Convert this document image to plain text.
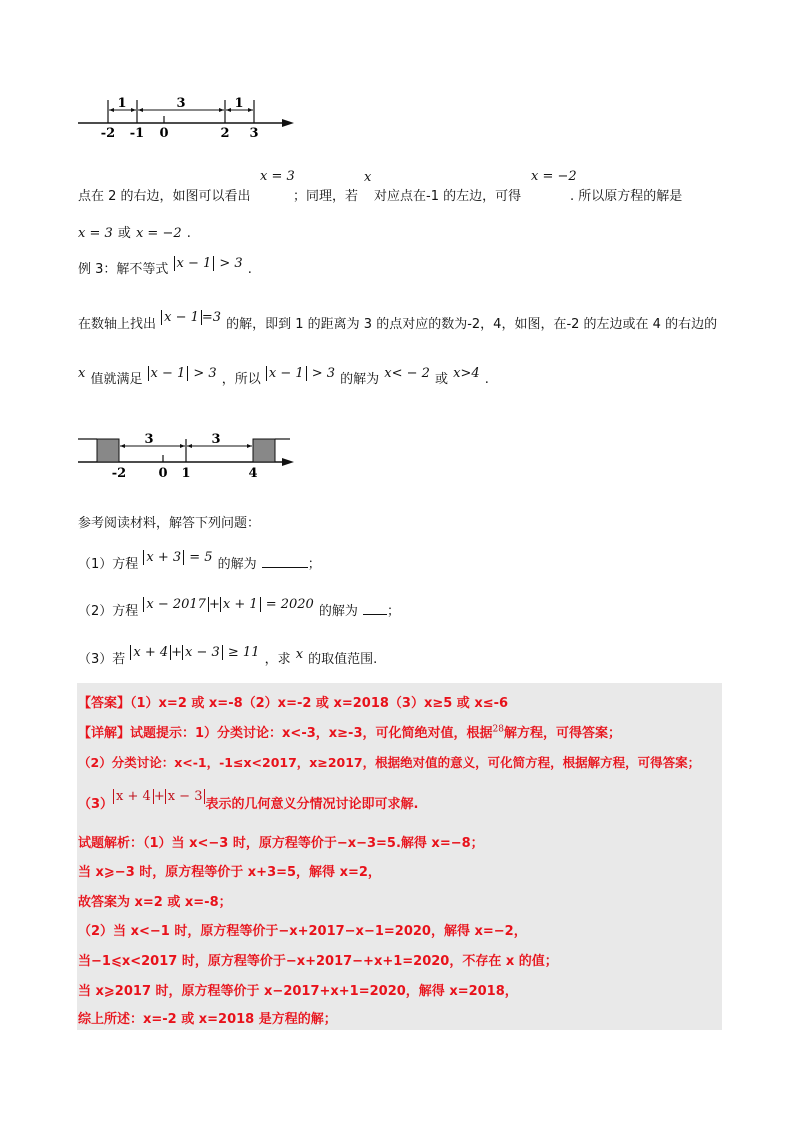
1	3	1
-2 -1 0	2 3
点在 2 的右边，如图可以看出
x = 3
；同理，若
x
对应点在-1 的左边，可得
x = −2
. 所以原方程的解是
x = 3 或 x = −2 .
例 3：解不等式 x − 1 $^{> 3}$ .
在数轴上找出 x − 1 $^{=3}$ 的解，即到 1 的距离为 3 的点对应的数为-2，4，如图，在-2 的左边或在 4 的右边的
$^x$ 值就满足 x − 1 $^{> 3}$ ，所以 x − 1 $^{> 3}$ 的解为 $^{x< - 2}$ 或 $^{x>4}$ .
3	3
-2 0 1	4
参考阅读材料，解答下列问题：
（1）方程 x + 3 $^{= 5}$ 的解为	；
（2）方程 x − 2017 + x + 1 $^{= 2020}$ 的解为 ；
（3）若 x + 4 + x − 3 $^{\ge 11}$ ，求 $^x$ 的取值范围.
【答案】（1）x=2 或 x=-8（2）x=-2 或 x=2018（3）x≥5 或 x≤-6
【详解】试题提示：1）分类讨论：x<-3，x≥-3，可化简绝对值，根据$^{28}$解方程，可得答案；
（2）分类讨论：x<-1，-1≤x<2017，x≥2017，根据绝对值的意义，可化简方程，根据解方程，可得答案；
（3）x + 4 + x − 3表示的几何意义分情况讨论即可求解.
试题解析：（1）当 x<−3 时，原方程等价于−x−3=5.解得 x=−8；
当 x⩾−3 时，原方程等价于 x+3=5，解得 x=2，
故答案为 x=2 或 x=-8；
（2）当 x<−1 时，原方程等价于−x+2017−x−1=2020，解得 x=−2，
当−1⩽x<2017 时，原方程等价于−x+2017−+x+1=2020，不存在 x 的值；
当 x⩾2017 时，原方程等价于 x−2017+x+1=2020，解得 x=2018，
综上所述：x=-2 或 x=2018 是方程的解；
